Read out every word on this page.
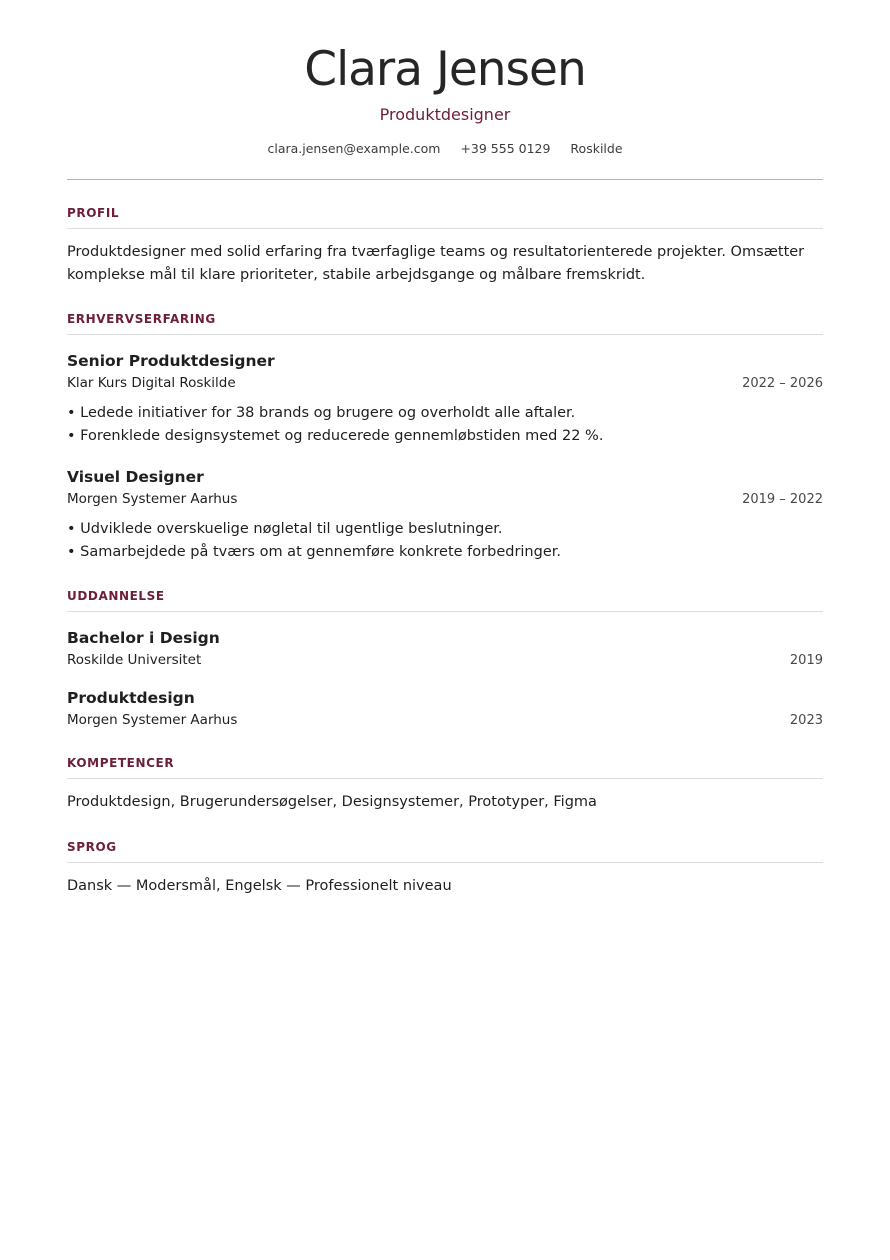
Clara Jensen
Produktdesigner
clara.jensen@example.com +39 555 0129 Roskilde
PROFIL
Produktdesigner med solid erfaring fra tværfaglige teams og resultatorienterede projekter. Omsætter komplekse mål til klare prioriteter, stabile arbejdsgange og målbare fremskridt.
ERHVERVSERFARING
Senior Produktdesigner
Klar Kurs Digital Roskilde	2022 – 2026
• Ledede initiativer for 38 brands og brugere og overholdt alle aftaler.
• Forenklede designsystemet og reducerede gennemløbstiden med 22 %.
Visuel Designer
Morgen Systemer Aarhus	2019 – 2022
• Udviklede overskuelige nøgletal til ugentlige beslutninger.
• Samarbejdede på tværs om at gennemføre konkrete forbedringer.
UDDANNELSE
Bachelor i Design
Roskilde Universitet	2019
Produktdesign
Morgen Systemer Aarhus	2023
KOMPETENCER
Produktdesign, Brugerundersøgelser, Designsystemer, Prototyper, Figma
SPROG
Dansk — Modersmål, Engelsk — Professionelt niveau
